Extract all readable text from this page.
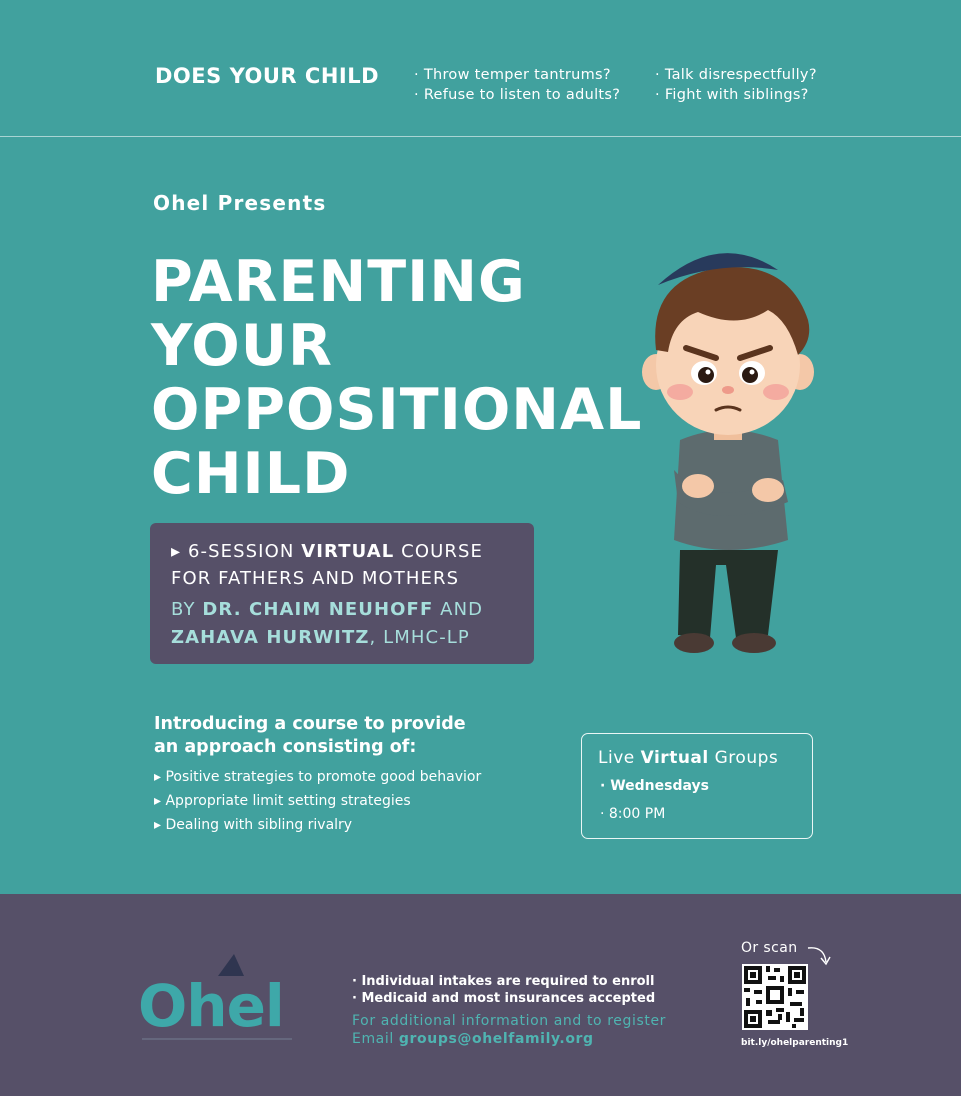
DOES YOUR CHILD · Throw temper tantrums?
· Refuse to listen to adults?
· Talk disrespectfully?
· Fight with siblings?
Ohel Presents
PARENTING
YOUR
OPPOSITIONAL
CHILD
▸ 6-SESSION VIRTUAL COURSE
FOR FATHERS AND MOTHERS
BY DR. CHAIM NEUHOFF AND
ZAHAVA HURWITZ, LMHC-LP
Introducing a course to provide
an approach consisting of:
▸ Positive strategies to promote good behavior
▸ Appropriate limit setting strategies
▸ Dealing with sibling rivalry
Live Virtual Groups
· Wednesdays
· 8:00 PM
Ohel	· Individual intakes are required to enroll
· Medicaid and most insurances accepted
For additional information and to register
Email groups@ohelfamily.org
Or scan
bit.ly/ohelparenting1
